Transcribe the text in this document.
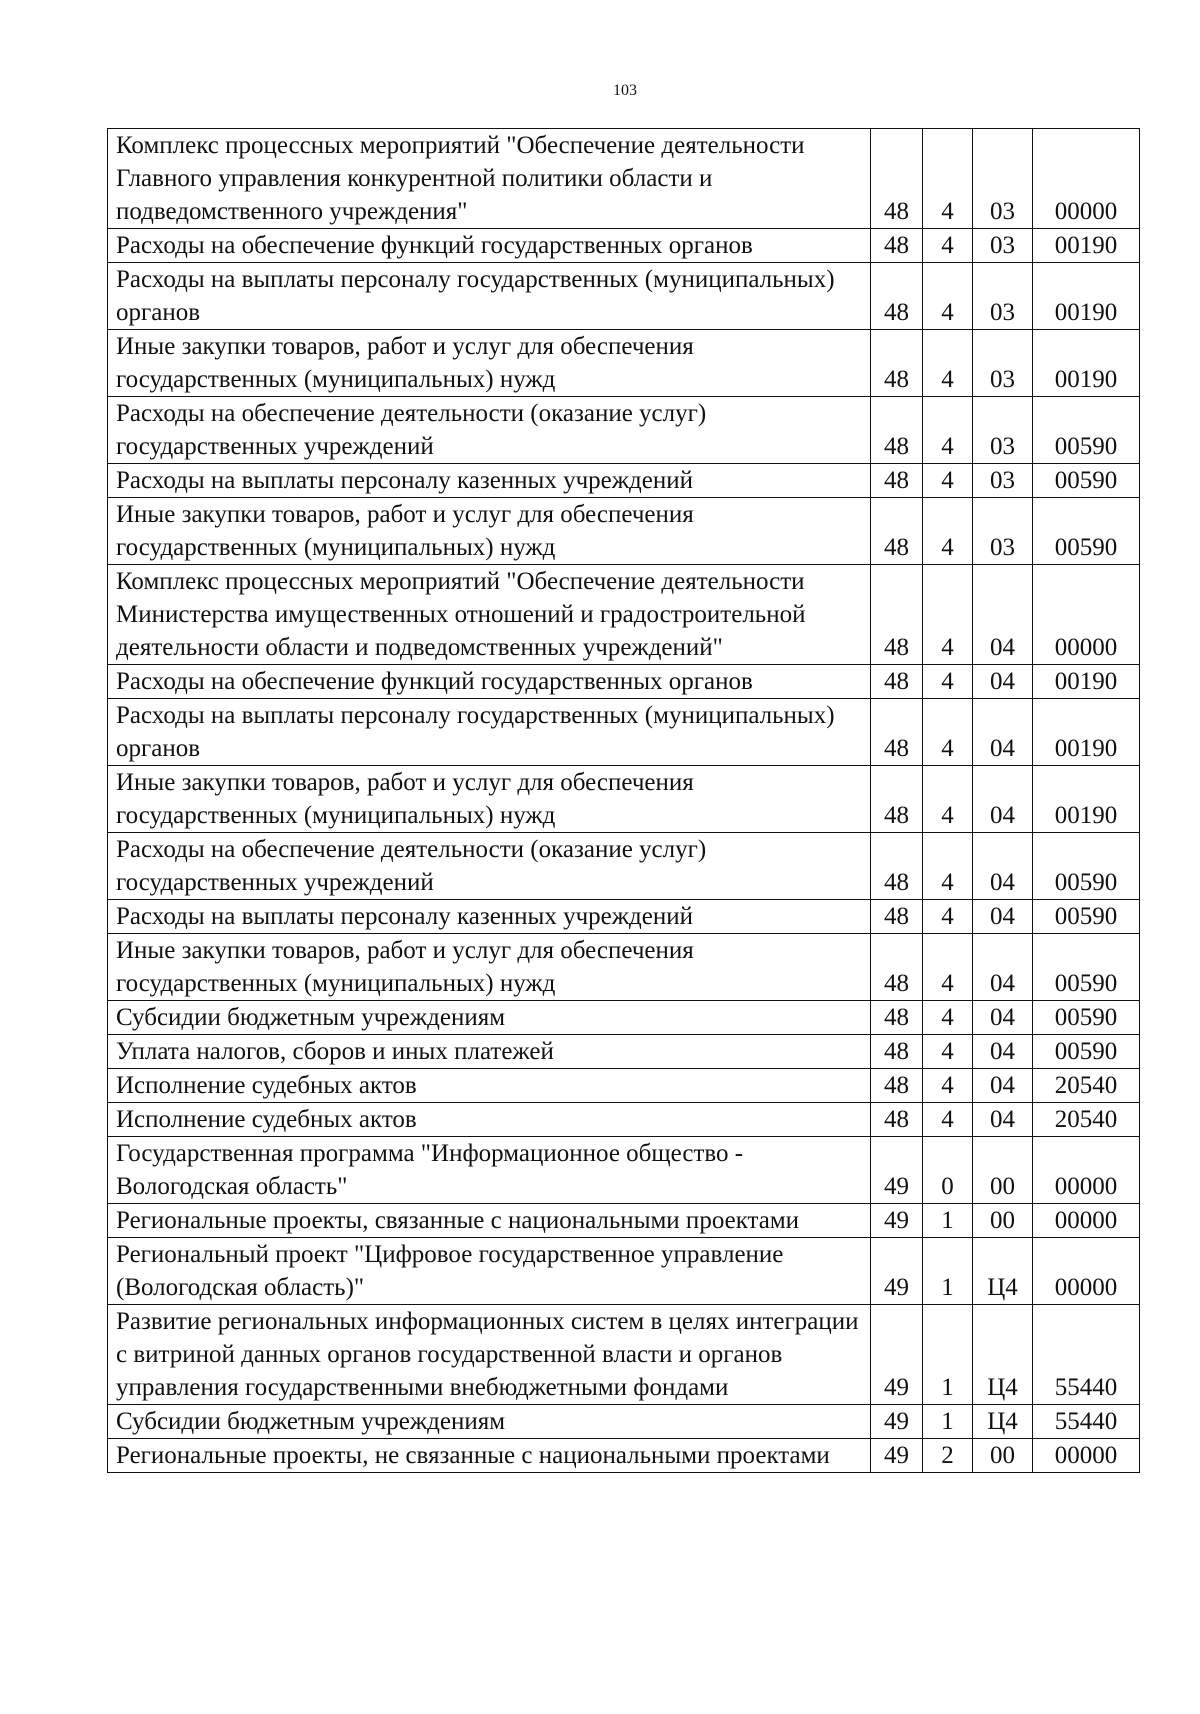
103
Комплекс процессных мероприятий "Обеспечение деятельности Главного управления конкурентной политики области и подведомственного учреждения"	48	4	03	00000
Расходы на обеспечение функций государственных органов	48	4	03	00190
Расходы на выплаты персоналу государственных (муниципальных) органов	48	4	03	00190
Иные закупки товаров, работ и услуг для обеспечения государственных (муниципальных) нужд	48	4	03	00190
Расходы на обеспечение деятельности (оказание услуг) государственных учреждений	48	4	03	00590
Расходы на выплаты персоналу казенных учреждений	48	4	03	00590
Иные закупки товаров, работ и услуг для обеспечения государственных (муниципальных) нужд	48	4	03	00590
Комплекс процессных мероприятий "Обеспечение деятельности Министерства имущественных отношений и градостроительной деятельности области и подведомственных учреждений"	48	4	04	00000
Расходы на обеспечение функций государственных органов	48	4	04	00190
Расходы на выплаты персоналу государственных (муниципальных) органов	48	4	04	00190
Иные закупки товаров, работ и услуг для обеспечения государственных (муниципальных) нужд	48	4	04	00190
Расходы на обеспечение деятельности (оказание услуг) государственных учреждений	48	4	04	00590
Расходы на выплаты персоналу казенных учреждений	48	4	04	00590
Иные закупки товаров, работ и услуг для обеспечения государственных (муниципальных) нужд	48	4	04	00590
Субсидии бюджетным учреждениям	48	4	04	00590
Уплата налогов, сборов и иных платежей	48	4	04	00590
Исполнение судебных актов	48	4	04	20540
Исполнение судебных актов	48	4	04	20540
Государственная программа "Информационное общество - Вологодская область"	49	0	00	00000
Региональные проекты, связанные с национальными проектами	49	1	00	00000
Региональный проект "Цифровое государственное управление (Вологодская область)"	49	1	Ц4	00000
Развитие региональных информационных систем в целях интеграции с витриной данных органов государственной власти и органов управления государственными внебюджетными фондами	49	1	Ц4	55440
Субсидии бюджетным учреждениям	49	1	Ц4	55440
Региональные проекты, не связанные с национальными проектами	49	2	00	00000
